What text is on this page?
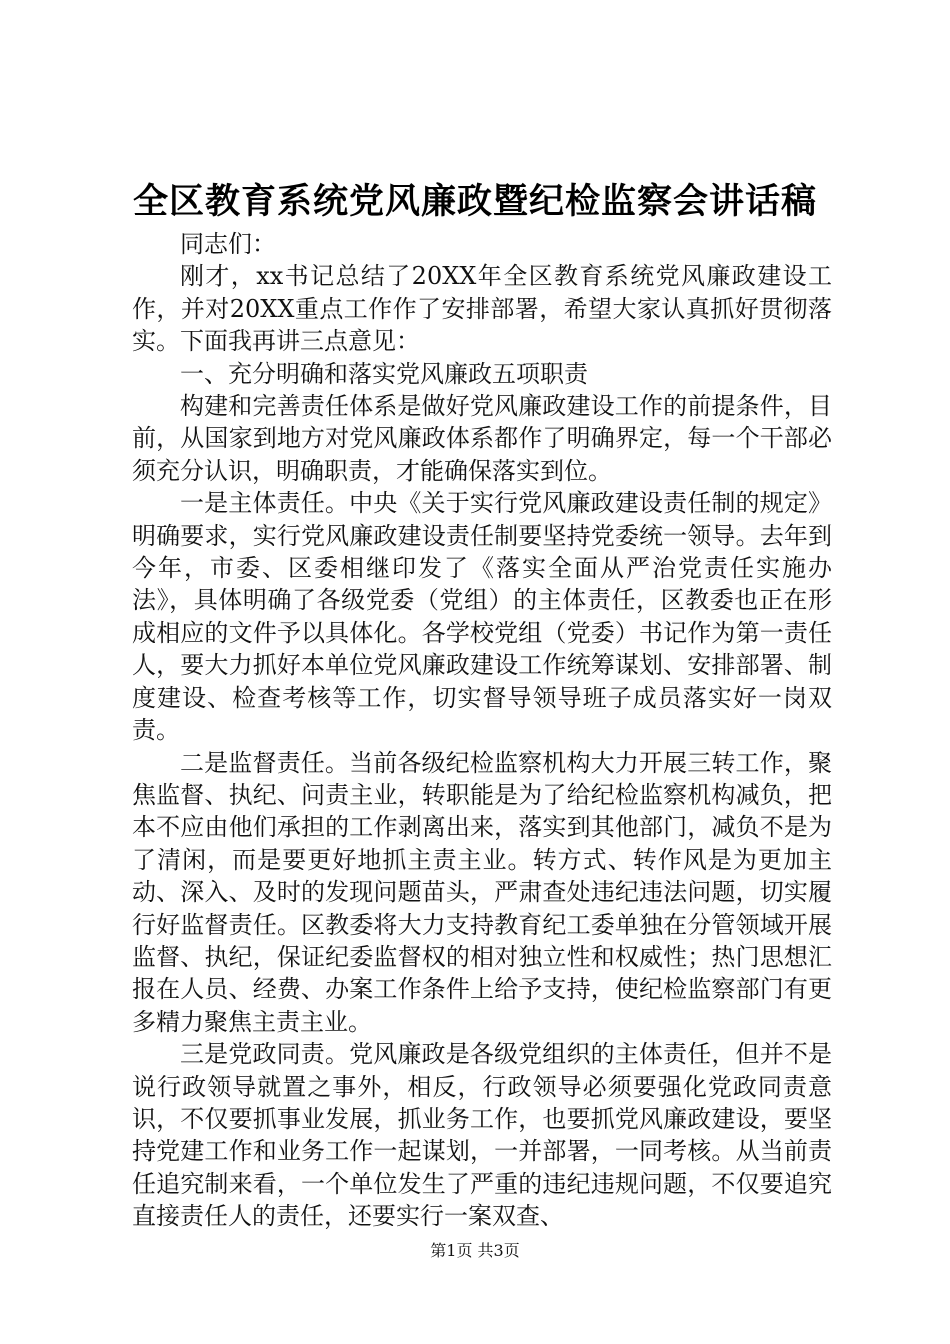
全区教育系统党风廉政暨纪检监察会讲话稿

同志们：

刚才，xx书记总结了20XX年全区教育系统党风廉政建设工作，并对20XX重点工作作了安排部署，希望大家认真抓好贯彻落实。下面我再讲三点意见：

一、充分明确和落实党风廉政五项职责

构建和完善责任体系是做好党风廉政建设工作的前提条件，目前，从国家到地方对党风廉政体系都作了明确界定，每一个干部必须充分认识，明确职责，才能确保落实到位。

一是主体责任。中央《关于实行党风廉政建设责任制的规定》明确要求，实行党风廉政建设责任制要坚持党委统一领导。去年到今年，市委、区委相继印发了《落实全面从严治党责任实施办法》，具体明确了各级党委（党组）的主体责任，区教委也正在形成相应的文件予以具体化。各学校党组（党委）书记作为第一责任人，要大力抓好本单位党风廉政建设工作统筹谋划、安排部署、制度建设、检查考核等工作，切实督导领导班子成员落实好一岗双责。

二是监督责任。当前各级纪检监察机构大力开展三转工作，聚焦监督、执纪、问责主业，转职能是为了给纪检监察机构减负，把本不应由他们承担的工作剥离出来，落实到其他部门，减负不是为了清闲，而是要更好地抓主责主业。转方式、转作风是为更加主动、深入、及时的发现问题苗头，严肃查处违纪违法问题，切实履行好监督责任。区教委将大力支持教育纪工委单独在分管领域开展监督、执纪，保证纪委监督权的相对独立性和权威性；热门思想汇报在人员、经费、办案工作条件上给予支持，使纪检监察部门有更多精力聚焦主责主业。

三是党政同责。党风廉政是各级党组织的主体责任，但并不是说行政领导就置之事外，相反，行政领导必须要强化党政同责意识，不仅要抓事业发展，抓业务工作，也要抓党风廉政建设，要坚持党建工作和业务工作一起谋划，一并部署，一同考核。从当前责任追究制来看，一个单位发生了严重的违纪违规问题，不仅要追究直接责任人的责任，还要实行一案双查、

第1页 共3页
